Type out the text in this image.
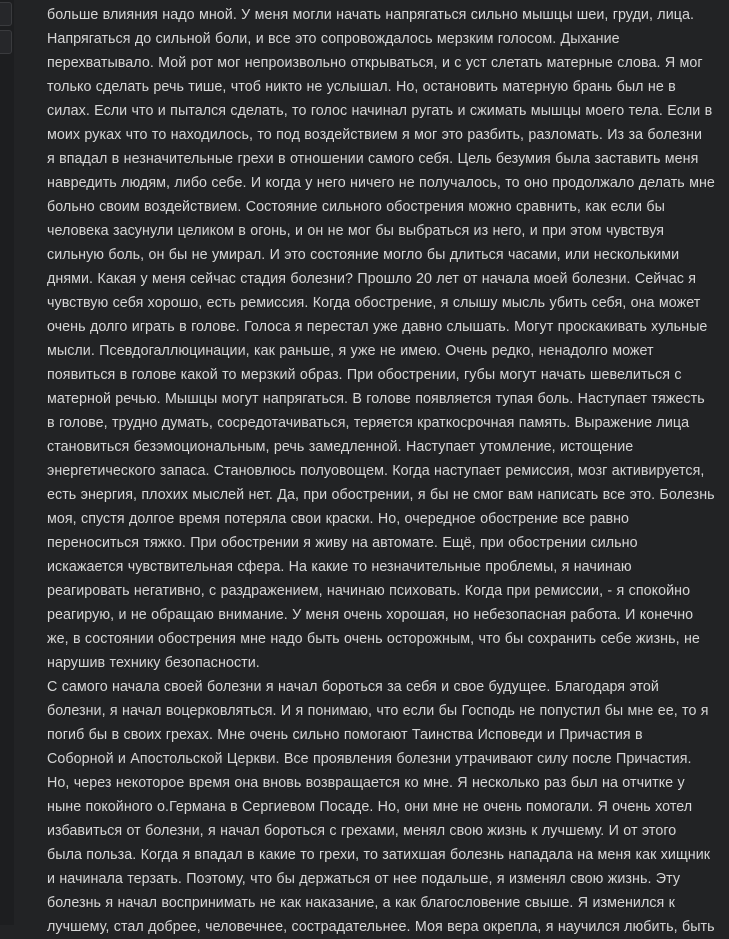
больше влияния надо мной. У меня могли начать напрягаться сильно мышцы шеи, груди, лица.
Напрягаться до сильной боли, и все это сопровождалось мерзким голосом. Дыхание
перехватывало. Мой рот мог непроизвольно открываться, и с уст слетать матерные слова. Я мог
только сделать речь тише, чтоб никто не услышал. Но, остановить матерную брань был не в
силах. Если что и пытался сделать, то голос начинал ругать и сжимать мышцы моего тела. Если в
моих руках что то находилось, то под воздействием я мог это разбить, разломать. Из за болезни
я впадал в незначительные грехи в отношении самого себя. Цель безумия была заставить меня
навредить людям, либо себе. И когда у него ничего не получалось, то оно продолжало делать мне
больно своим воздействием. Состояние сильного обострения можно сравнить, как если бы
человека засунули целиком в огонь, и он не мог бы выбраться из него, и при этом чувствуя
сильную боль, он бы не умирал. И это состояние могло бы длиться часами, или несколькими
днями. Какая у меня сейчас стадия болезни? Прошло 20 лет от начала моей болезни. Сейчас я
чувствую себя хорошо, есть ремиссия. Когда обострение, я слышу мысль убить себя, она может
очень долго играть в голове. Голоса я перестал уже давно слышать. Могут проскакивать хульные
мысли. Псевдогаллюцинации, как раньше, я уже не имею. Очень редко, ненадолго может
появиться в голове какой то мерзкий образ. При обострении, губы могут начать шевелиться с
матерной речью. Мышцы могут напрягаться. В голове появляется тупая боль. Наступает тяжесть
в голове, трудно думать, сосредотачиваться, теряется краткосрочная память. Выражение лица
становиться безэмоциональным, речь замедленной. Наступает утомление, истощение
энергетического запаса. Становлюсь полуовощем. Когда наступает ремиссия, мозг активируется,
есть энергия, плохих мыслей нет. Да, при обострении, я бы не смог вам написать все это. Болезнь
моя, спустя долгое время потеряла свои краски. Но, очередное обострение все равно
переноситься тяжко. При обострении я живу на автомате. Ещё, при обострении сильно
искажается чувствительная сфера. На какие то незначительные проблемы, я начинаю
реагировать негативно, с раздражением, начинаю психовать. Когда при ремиссии, - я спокойно
реагирую, и не обращаю внимание. У меня очень хорошая, но небезопасная работа. И конечно
же, в состоянии обострения мне надо быть очень осторожным, что бы сохранить себе жизнь, не
нарушив технику безопасности.
С самого начала своей болезни я начал бороться за себя и свое будущее. Благодаря этой
болезни, я начал воцерковляться. И я понимаю, что если бы Господь не попустил бы мне ее, то я
погиб бы в своих грехах. Мне очень сильно помогают Таинства Исповеди и Причастия в
Соборной и Апостольской Церкви. Все проявления болезни утрачивают силу после Причастия.
Но, через некоторое время она вновь возвращается ко мне. Я несколько раз был на отчитке у
ныне покойного о.Германа в Сергиевом Посаде. Но, они мне не очень помогали. Я очень хотел
избавиться от болезни, я начал бороться с грехами, менял свою жизнь к лучшему. И от этого
была польза. Когда я впадал в какие то грехи, то затихшая болезнь нападала на меня как хищник
и начинала терзать. Поэтому, что бы держаться от нее подальше, я изменял свою жизнь. Эту
болезнь я начал воспринимать не как наказание, а как благословение свыше. Я изменился к
лучшему, стал добрее, человечнее, сострадательнее. Моя вера окрепла, я научился любить, быть
